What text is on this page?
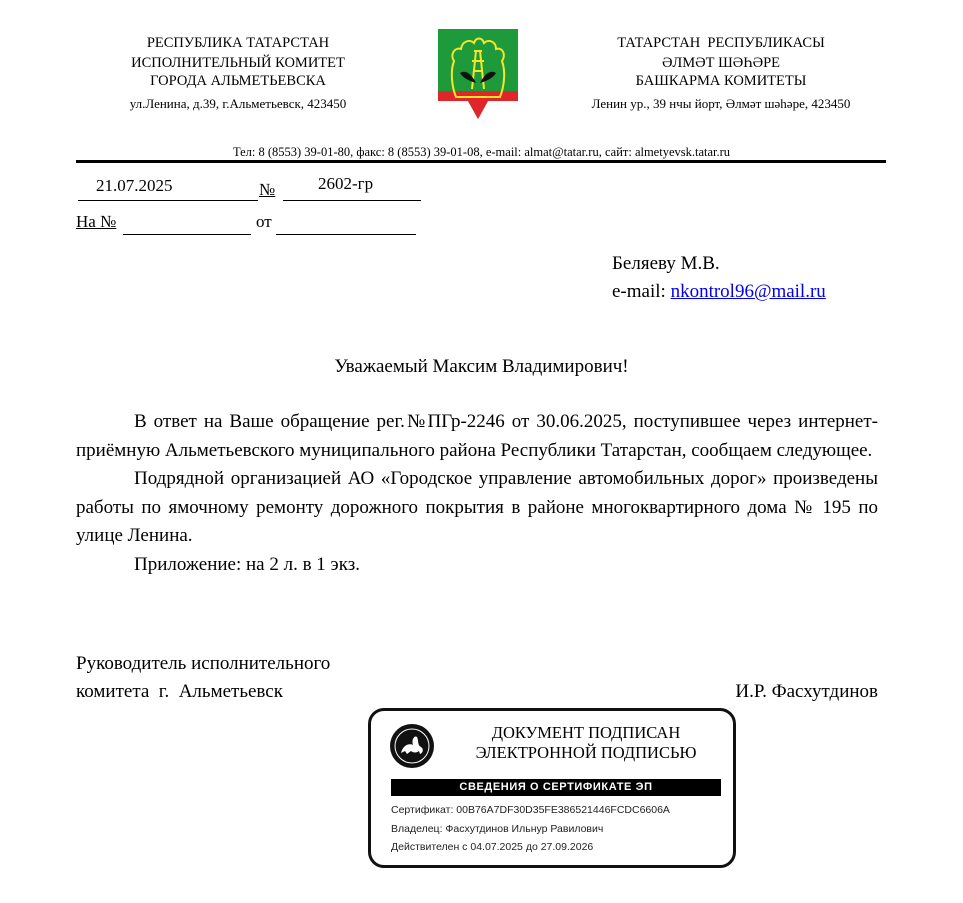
РЕСПУБЛИКА ТАТАРСТАН
ИСПОЛНИТЕЛЬНЫЙ КОМИТЕТ
ГОРОДА АЛЬМЕТЬЕВСКА
ул.Ленина, д.39, г.Альметьевск, 423450
ТАТАРСТАН  РЕСПУБЛИКАСЫ
ӘЛМӘТ ШӘҺӘРЕ
БАШКАРМА КОМИТЕТЫ
Ленин ур., 39 нчы йорт, Әлмәт шәһәре, 423450
Тел: 8 (8553) 39-01-80, факс: 8 (8553) 39-01-08, e-mail: almat@tatar.ru, сайт: almetyevsk.tatar.ru
21.07.2025	№	2602-гр
На №	от
Беляеву М.В.
e-mail: nkontrol96@mail.ru
Уважаемый Максим Владимирович!

В ответ на Ваше обращение рег.№ПГр-2246 от 30.06.2025, поступившее через интернет-приёмную Альметьевского муниципального района Республики Татарстан, сообщаем следующее.

Подрядной организацией АО «Городское управление автомобильных дорог» произведены работы по ямочному ремонту дорожного покрытия в районе многоквартирного дома № 195 по улице Ленина.

Приложение: на 2 л. в 1 экз.

Руководитель исполнительного
комитета  г.  Альметьевск	И.Р. Фасхутдинов
ДОКУМЕНТ ПОДПИСАН
ЭЛЕКТРОННОЙ ПОДПИСЬЮ
СВЕДЕНИЯ О СЕРТИФИКАТЕ ЭП
Сертификат: 00B76A7DF30D35FE386521446FCDC6606A
Владелец: Фасхутдинов Ильнур Равилович
Действителен с 04.07.2025 до 27.09.2026
